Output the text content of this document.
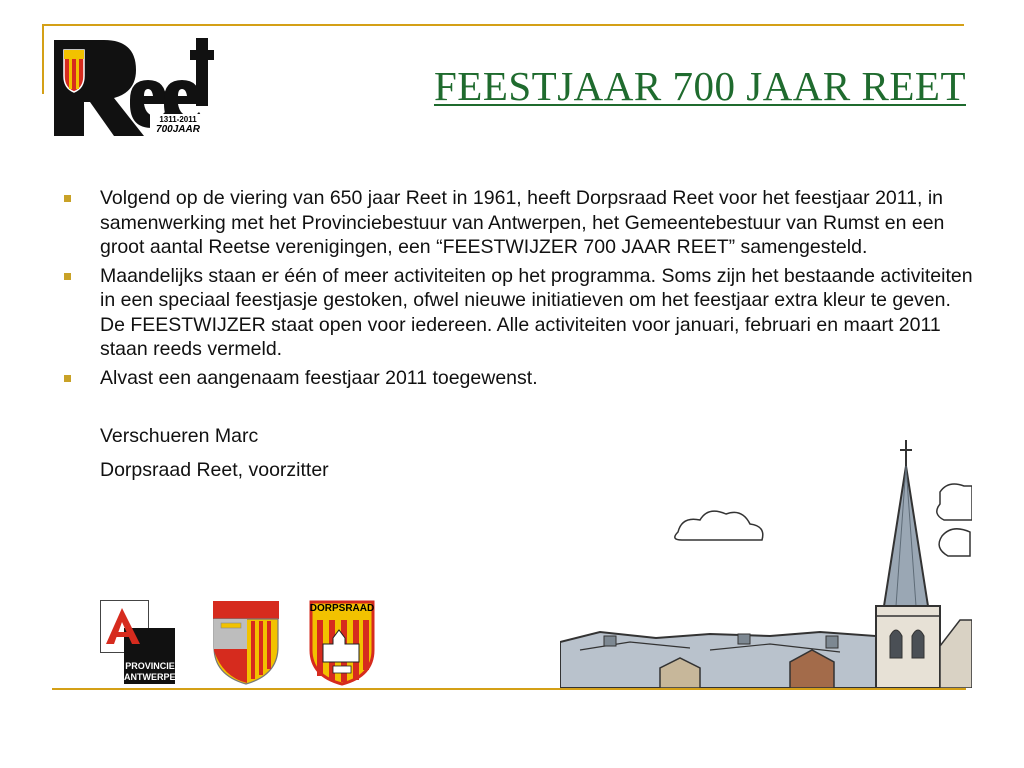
1311-2011
700JAAR
FEESTJAAR 700 JAAR REET
Volgend op de viering van 650 jaar Reet in 1961, heeft Dorpsraad Reet voor het feestjaar 2011, in samenwerking met het Provinciebestuur van Antwerpen, het Gemeentebestuur van Rumst en een groot aantal Reetse verenigingen, een “FEESTWIJZER 700 JAAR REET” samengesteld.
Maandelijks staan er één of meer activiteiten op het programma. Soms zijn het bestaande activiteiten in een speciaal feestjasje gestoken, ofwel nieuwe initiatieven om het feestjaar extra kleur te geven. De FEESTWIJZER staat open voor iedereen. Alle activiteiten voor januari, februari en maart 2011 staan reeds vermeld.
Alvast een aangenaam feestjaar 2011 toegewenst.
Verschueren Marc
Dorpsraad Reet, voorzitter
PROVINCIE
ANTWERPEN
DORPSRAAD
